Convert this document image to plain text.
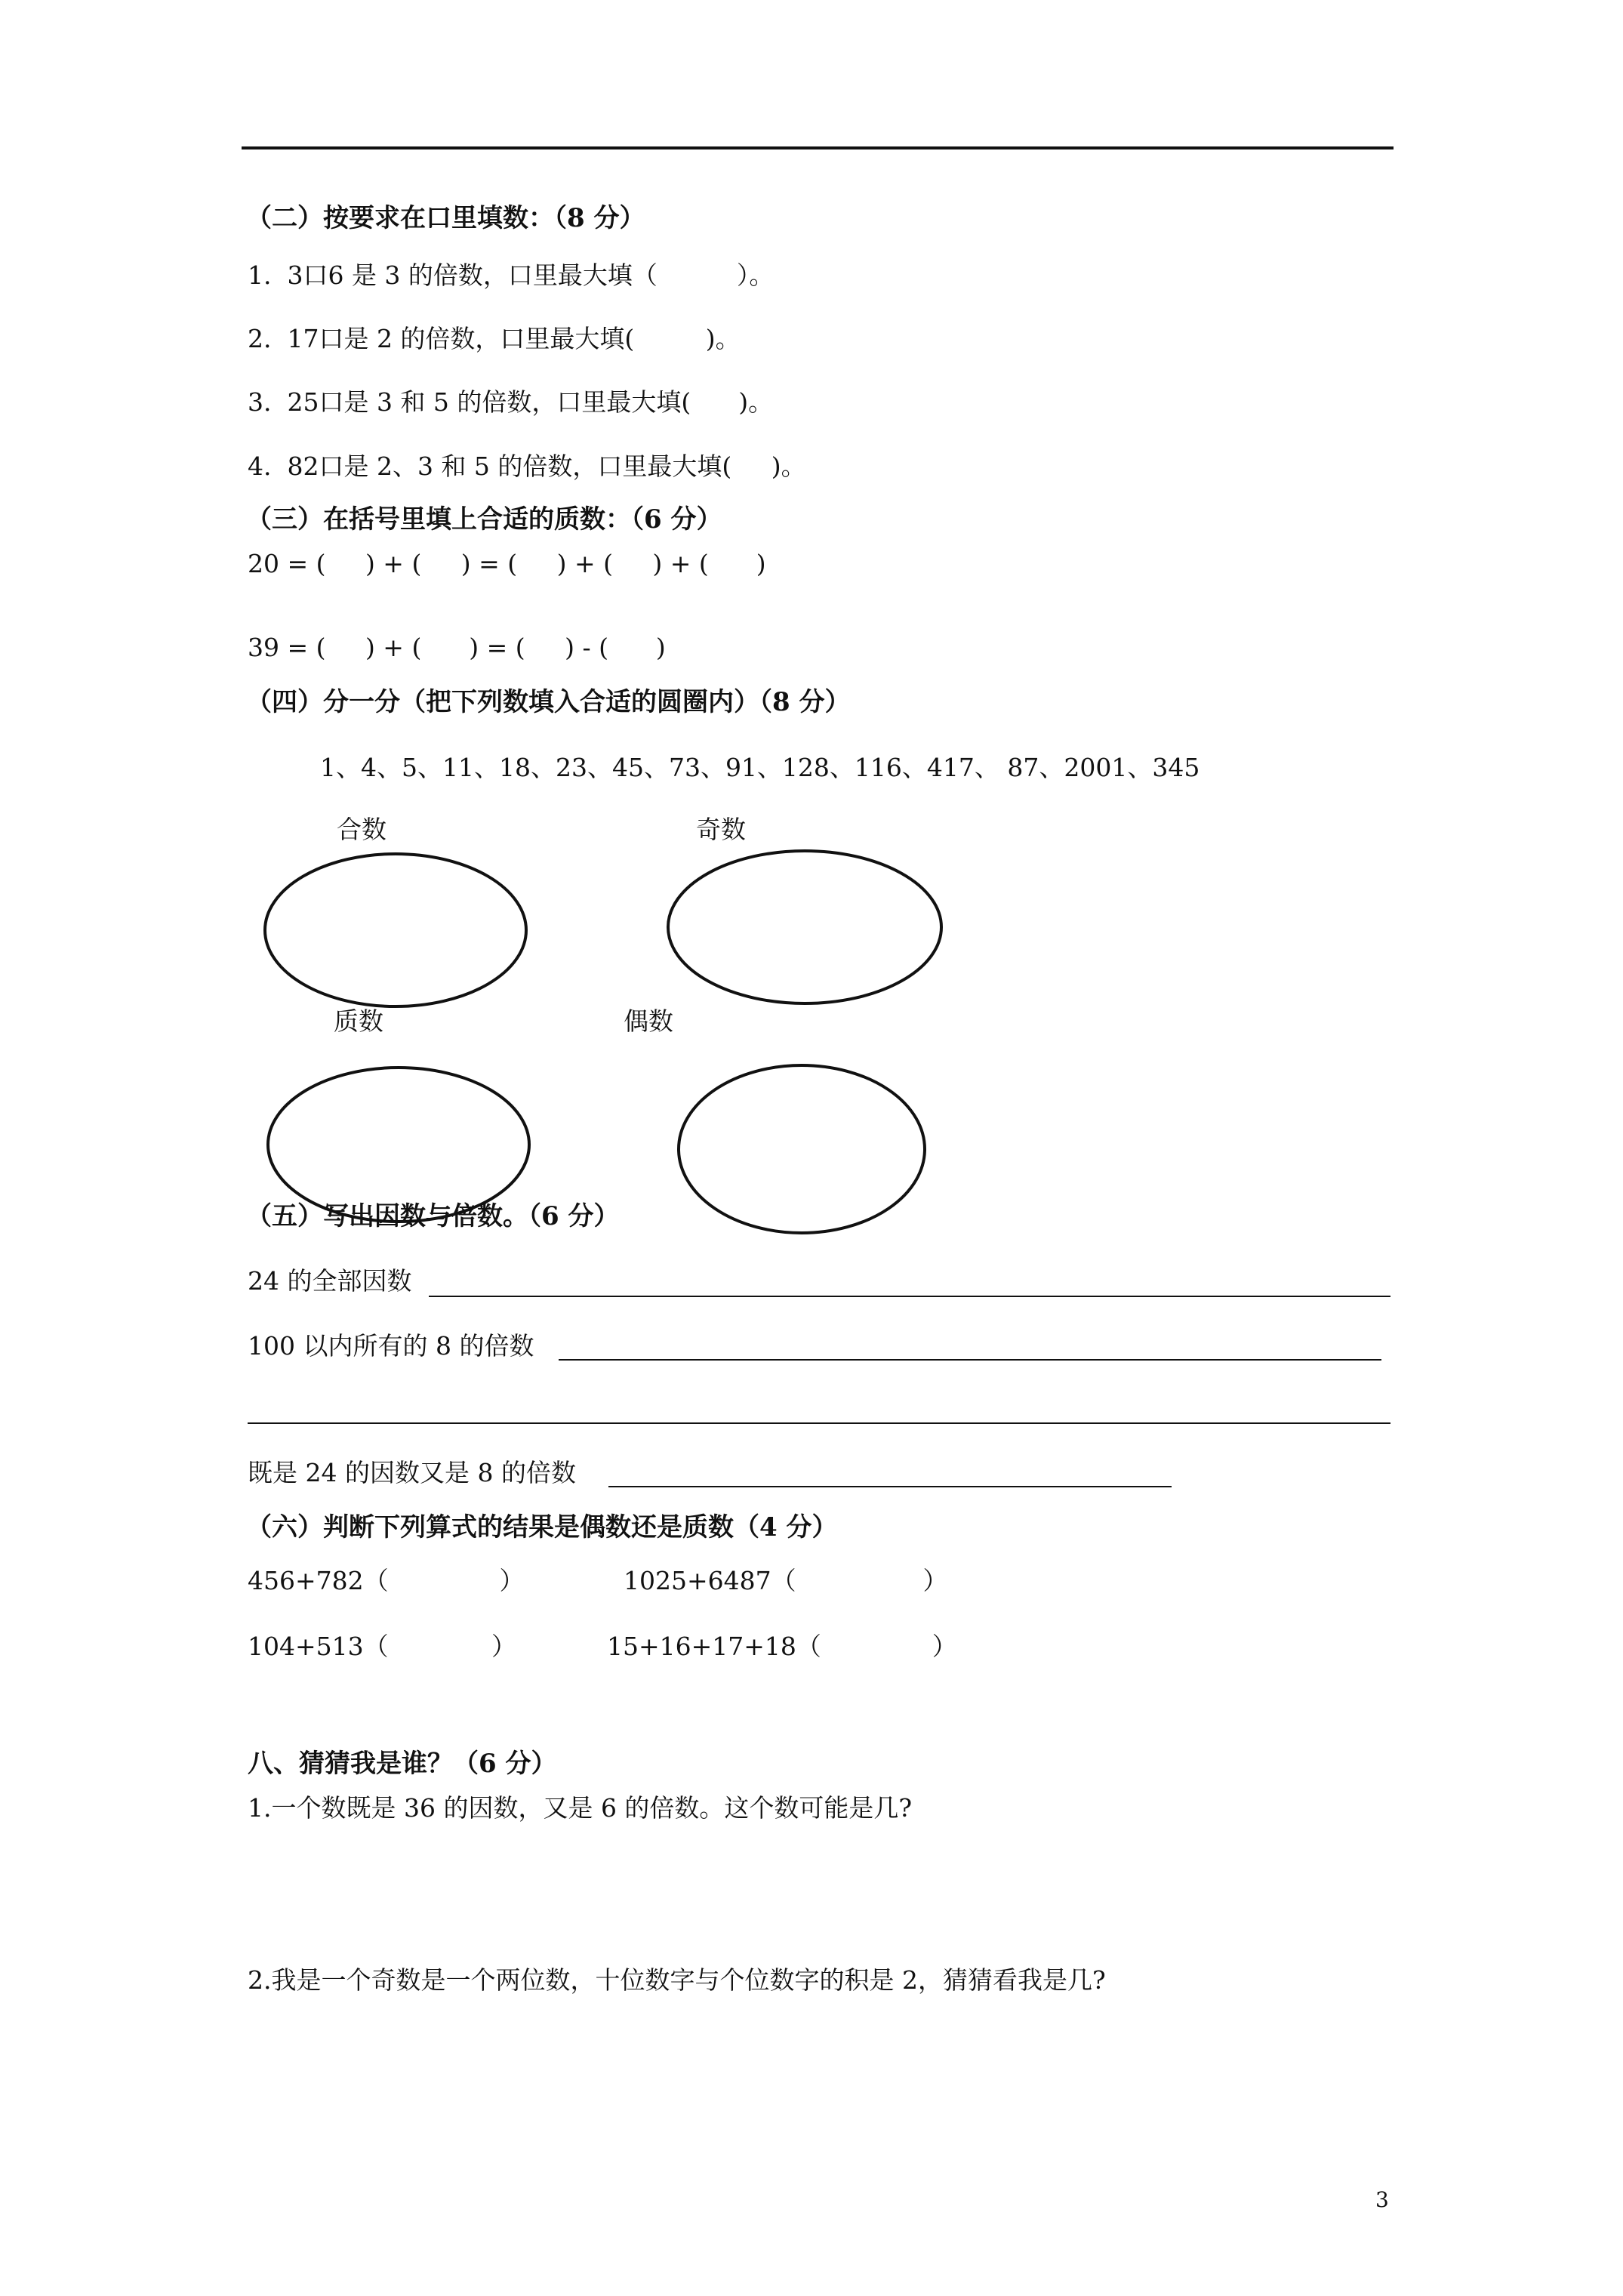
（二）按要求在口里填数：（8 分）
1.  3口6 是 3 的倍数，口里最大填（          ）。
2.  17口是 2 的倍数，口里最大填(         )。
3.  25口是 3 和 5 的倍数，口里最大填(      )。
4.  82口是 2、3 和 5 的倍数，口里最大填(     )。
（三）在括号里填上合适的质数：（6 分）
20 = (     ) + (     ) = (     ) + (     ) + (      )
39 = (     ) + (      ) = (     ) - (      )
（四）分一分（把下列数填入合适的圆圈内）（8 分）
1、4、5、11、18、23、45、73、91、128、116、417、 87、2001、345
合数	奇数
质数	偶数
（五）写出因数与倍数。（6 分）
24 的全部因数
100 以内所有的 8 的倍数
既是 24 的因数又是 8 的倍数
（六）判断下列算式的结果是偶数还是质数（4 分）
456+782（              ）	1025+6487（                ）
104+513（             ）	15+16+17+18（              ）
八、猜猜我是谁？（6 分）
1.一个数既是 36 的因数，又是 6 的倍数。这个数可能是几?
2.我是一个奇数是一个两位数，十位数字与个位数字的积是 2，猜猜看我是几?
3
